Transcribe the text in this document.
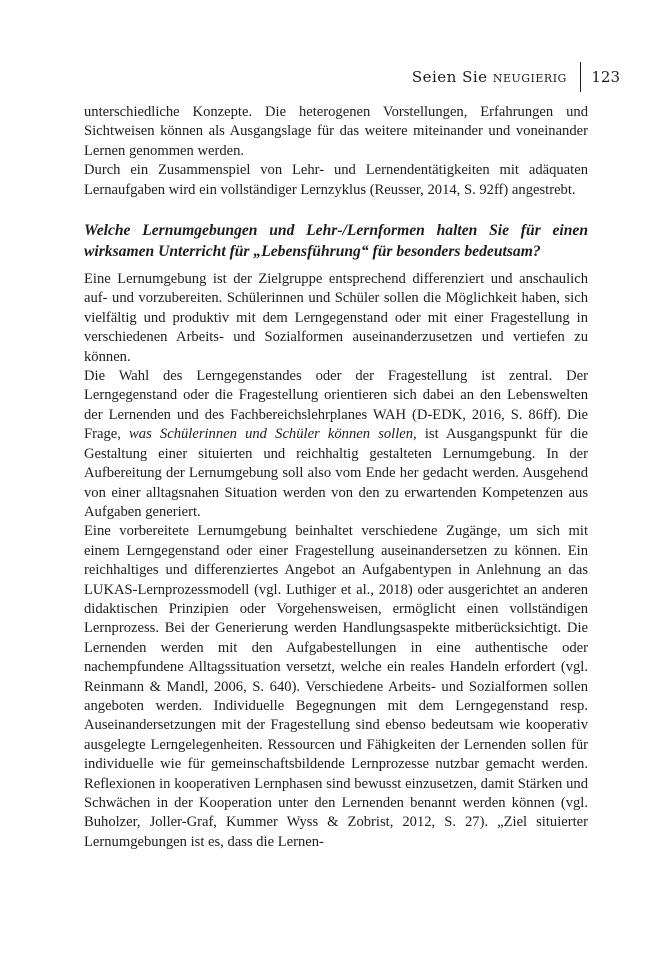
Seien Sie neugierig	123

unterschiedliche Konzepte. Die heterogenen Vorstellungen, Erfahrungen und Sichtweisen können als Ausgangslage für das weitere miteinander und voneinander Lernen genommen werden.

Durch ein Zusammenspiel von Lehr- und Lernendentätigkeiten mit adäquaten Lernaufgaben wird ein vollständiger Lernzyklus (Reusser, 2014, S. 92ff) angestrebt.

Welche Lernumgebungen und Lehr-/Lernformen halten Sie für einen wirksamen Unterricht für „Lebensführung“ für besonders bedeutsam?

Eine Lernumgebung ist der Zielgruppe entsprechend differenziert und anschaulich auf- und vorzubereiten. Schülerinnen und Schüler sollen die Möglichkeit haben, sich vielfältig und produktiv mit dem Lerngegenstand oder mit einer Fragestellung in verschiedenen Arbeits- und Sozialformen auseinanderzusetzen und vertiefen zu können.

Die Wahl des Lerngegenstandes oder der Fragestellung ist zentral. Der Lerngegenstand oder die Fragestellung orientieren sich dabei an den Lebenswelten der Lernenden und des Fachbereichslehrplanes WAH (D-EDK, 2016, S. 86ff). Die Frage, was Schülerinnen und Schüler können sollen, ist Ausgangspunkt für die Gestaltung einer situierten und reichhaltig gestalteten Lernumgebung. In der Aufbereitung der Lernumgebung soll also vom Ende her gedacht werden. Ausgehend von einer alltagsnahen Situation werden von den zu erwartenden Kompetenzen aus Aufgaben generiert.

Eine vorbereitete Lernumgebung beinhaltet verschiedene Zugänge, um sich mit einem Lerngegenstand oder einer Fragestellung auseinandersetzen zu können. Ein reichhaltiges und differenziertes Angebot an Aufgabentypen in Anlehnung an das LUKAS-Lernprozessmodell (vgl. Luthiger et al., 2018) oder ausgerichtet an anderen didaktischen Prinzipien oder Vorgehensweisen, ermöglicht einen vollständigen Lernprozess. Bei der Generierung werden Handlungsaspekte mitberücksichtigt. Die Lernenden werden mit den Aufgabestellungen in eine authentische oder nachempfundene Alltagssituation versetzt, welche ein reales Handeln erfordert (vgl. Reinmann & Mandl, 2006, S. 640). Verschiedene Arbeits- und Sozialformen sollen angeboten werden. Individuelle Begegnungen mit dem Lerngegenstand resp. Auseinandersetzungen mit der Fragestellung sind ebenso bedeutsam wie kooperativ ausgelegte Lerngelegenheiten. Ressourcen und Fähigkeiten der Lernenden sollen für individuelle wie für gemeinschaftsbildende Lernprozesse nutzbar gemacht werden. Reflexionen in kooperativen Lernphasen sind bewusst einzusetzen, damit Stärken und Schwächen in der Kooperation unter den Lernenden benannt werden können (vgl. Buholzer, Joller-Graf, Kummer Wyss & Zobrist, 2012, S. 27). „Ziel situierter Lernumgebungen ist es, dass die Lernen-
